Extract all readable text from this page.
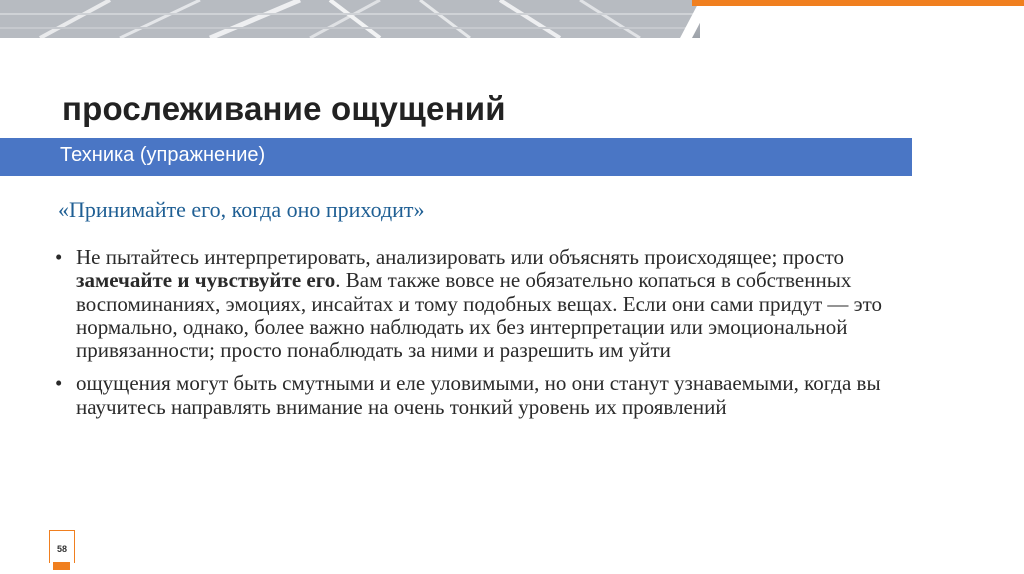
прослеживание ощущений
Техника (упражнение)
«Принимайте его, когда оно приходит»
• Не пытайтесь интерпретировать, анализировать или объяснять происходящее; просто замечайте и чувствуйте его. Вам также вовсе не обязательно копаться в собственных воспоминаниях, эмоциях, инсайтах и тому подобных вещах. Если они сами придут — это нормально, однако, более важно наблюдать их без интерпретации или эмоциональной привязанности; просто понаблюдать за ними и разрешить им уйти
• ощущения могут быть смутными и еле уловимыми, но они станут узнаваемыми, когда вы научитесь направлять внимание на очень тонкий уровень их проявлений
58
